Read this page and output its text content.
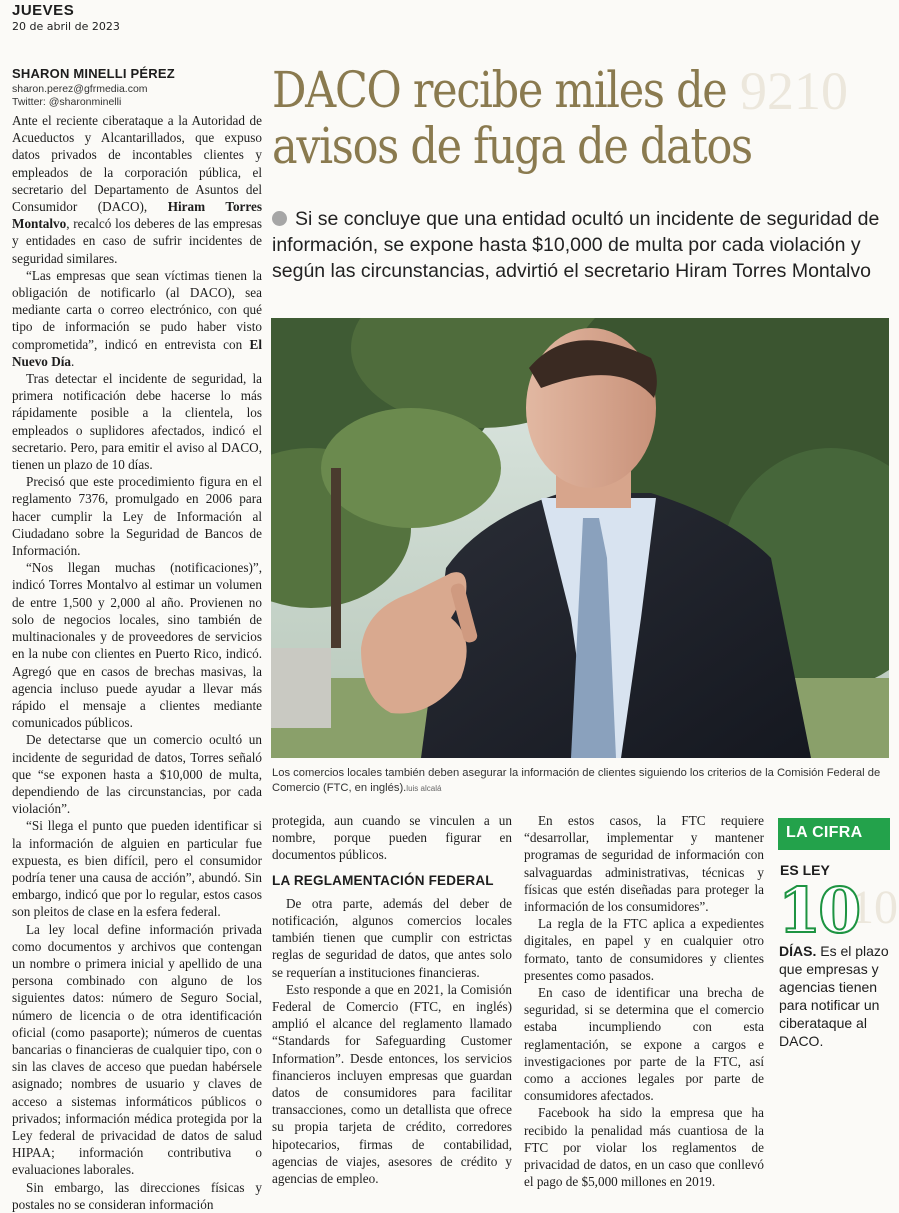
JUEVES
20 de abril de 2023
SHARON MINELLI PÉREZ
sharon.perez@gfrmedia.com
Twitter: @sharonminelli

Ante el reciente ciberataque a la Autoridad de Acueductos y Alcantarillados, que expuso datos privados de incontables clientes y empleados de la corporación pública, el secretario del Departamento de Asuntos del Consumidor (DACO), Hiram Torres Montalvo, recalcó los deberes de las empresas y entidades en caso de sufrir incidentes de seguridad similares.

“Las empresas que sean víctimas tienen la obligación de notificarlo (al DACO), sea mediante carta o correo electrónico, con qué tipo de información se pudo haber visto comprometida”, indicó en entrevista con El Nuevo Día.

Tras detectar el incidente de seguridad, la primera notificación debe hacerse lo más rápidamente posible a la clientela, los empleados o suplidores afectados, indicó el secretario. Pero, para emitir el aviso al DACO, tienen un plazo de 10 días.

Precisó que este procedimiento figura en el reglamento 7376, promulgado en 2006 para hacer cumplir la Ley de Información al Ciudadano sobre la Seguridad de Bancos de Información.

“Nos llegan muchas (notificaciones)”, indicó Torres Montalvo al estimar un volumen de entre 1,500 y 2,000 al año. Provienen no solo de negocios locales, sino también de multinacionales y de proveedores de servicios en la nube con clientes en Puerto Rico, indicó. Agregó que en casos de brechas masivas, la agencia incluso puede ayudar a llevar más rápido el mensaje a clientes mediante comunicados públicos.

De detectarse que un comercio ocultó un incidente de seguridad de datos, Torres señaló que “se exponen hasta a $10,000 de multa, dependiendo de las circunstancias, por cada violación”.

“Si llega el punto que pueden identificar si la información de alguien en particular fue expuesta, es bien difícil, pero el consumidor podría tener una causa de acción”, abundó. Sin embargo, indicó que por lo regular, estos casos son pleitos de clase en la esfera federal.

La ley local define información privada como documentos y archivos que contengan un nombre o primera inicial y apellido de una persona combinado con alguno de los siguientes datos: número de Seguro Social, número de licencia o de otra identificación oficial (como pasaporte); números de cuentas bancarias o financieras de cualquier tipo, con o sin las claves de acceso que puedan habérsele asignado; nombres de usuario y claves de acceso a sistemas informáticos públicos o privados; información médica protegida por la Ley federal de privacidad de datos de salud HIPAA; información contributiva o evaluaciones laborales.

Sin embargo, las direcciones físicas y postales no se consideran información

9210
DACO recibe miles de
avisos de fuga de datos
Si se concluye que una entidad ocultó un incidente de seguridad de información, se expone hasta $10,000 de multa por cada violación y según las circunstancias, advirtió el secretario Hiram Torres Montalvo
Los comercios locales también deben asegurar la información de clientes siguiendo los criterios de la Comisión Federal de Comercio (FTC, en inglés).luis alcalá

protegida, aun cuando se vinculen a un nombre, porque pueden figurar en documentos públicos.

LA REGLAMENTACIÓN FEDERAL

De otra parte, además del deber de notificación, algunos comercios locales también tienen que cumplir con estrictas reglas de seguridad de datos, que antes solo se requerían a instituciones financieras.

Esto responde a que en 2021, la Comisión Federal de Comercio (FTC, en inglés) amplió el alcance del reglamento llamado “Standards for Safeguarding Customer Information”. Desde entonces, los servicios financieros incluyen empresas que guardan datos de consumidores para facilitar transacciones, como un detallista que ofrece su propia tarjeta de crédito, corredores hipotecarios, firmas de contabilidad, agencias de viajes, asesores de crédito y agencias de empleo.

En estos casos, la FTC requiere “desarrollar, implementar y mantener programas de seguridad de información con salvaguardas administrativas, técnicas y físicas que estén diseñadas para proteger la información de los consumidores”.

La regla de la FTC aplica a expedientes digitales, en papel y en cualquier otro formato, tanto de consumidores y clientes presentes como pasados.

En caso de identificar una brecha de seguridad, si se determina que el comercio estaba incumpliendo con esta reglamentación, se expone a cargos e investigaciones por parte de la FTC, así como a acciones legales por parte de consumidores afectados.

Facebook ha sido la empresa que ha recibido la penalidad más cuantiosa de la FTC por violar los reglamentos de privacidad de datos, en un caso que conllevó el pago de $5,000 millones en 2019.

10
LA CIFRA
ES LEY
10
DÍAS. Es el plazo que empresas y agencias tienen para notificar un ciberataque al DACO.
